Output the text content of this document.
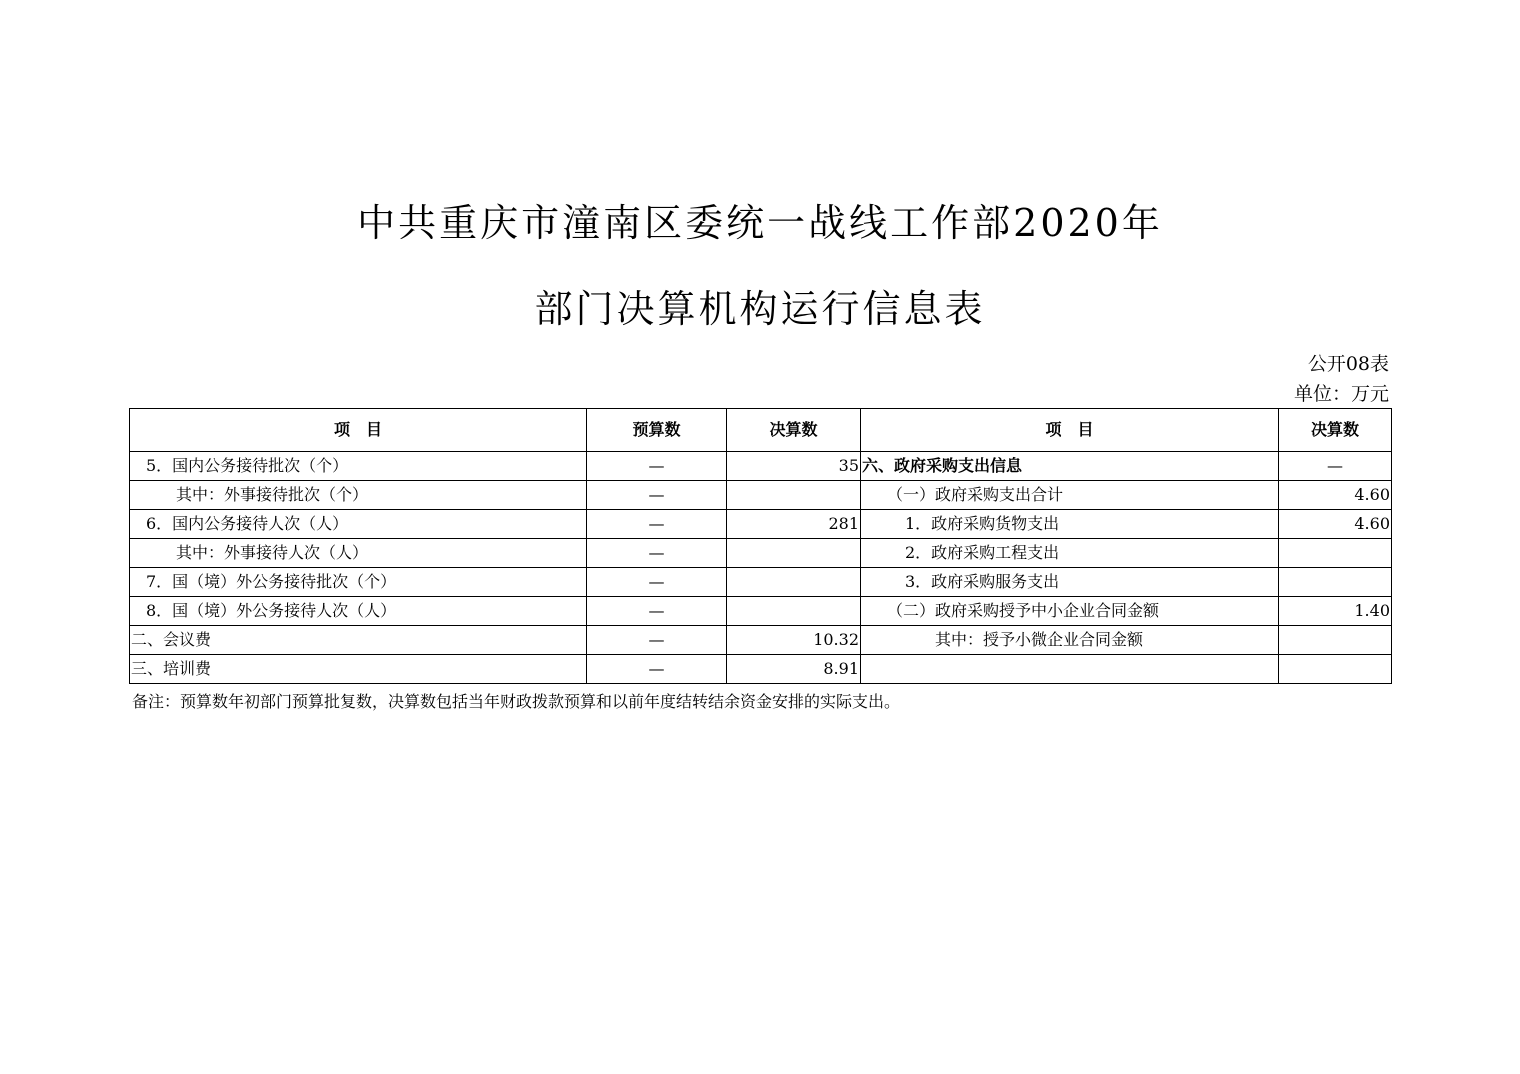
中共重庆市潼南区委统一战线工作部2020年
部门决算机构运行信息表
公开08表
单位：万元
项　目	预算数	决算数	项　目	决算数
5．国内公务接待批次（个）	—	35	六、政府采购支出信息	—
其中：外事接待批次（个）	—		（一）政府采购支出合计	4.60
6．国内公务接待人次（人）	—	281	1．政府采购货物支出	4.60
其中：外事接待人次（人）	—		2．政府采购工程支出	
7．国（境）外公务接待批次（个）	—		3．政府采购服务支出	
8．国（境）外公务接待人次（人）	—		（二）政府采购授予中小企业合同金额	1.40
二、会议费	—	10.32	其中：授予小微企业合同金额	
三、培训费	—	8.91		
备注：预算数年初部门预算批复数，决算数包括当年财政拨款预算和以前年度结转结余资金安排的实际支出。
